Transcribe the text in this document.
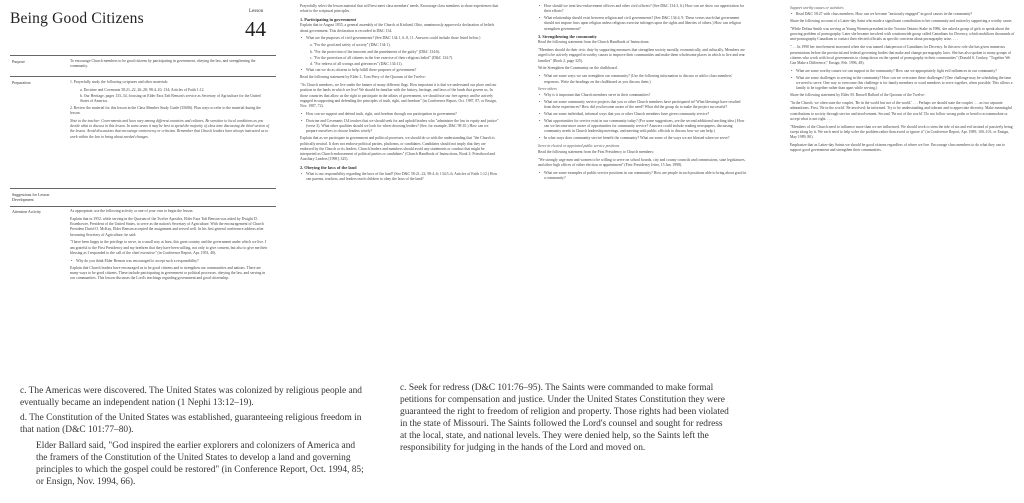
Being Good Citizens	Lesson
44
Purpose	To encourage Church members to be good citizens by participating in government, obeying the law, and strengthening the community.
Preparation	1. Prayerfully study the following scriptures and other materials:
a. Doctrine and Covenants 58:21–22, 26–28; 98:4–10; 134; Articles of Faith 1:12.
b. Our Heritage, pages 133–34, focusing on Elder Ezra Taft Benson's service as Secretary of Agriculture for the United States of America.
2. Review the material for this lesson in the Class Member Study Guide (35686). Plan ways to refer to the material during the lesson.
Note to the teacher: Governments and laws vary among different countries and cultures. Be sensitive to local conditions as you decide what to discuss in this lesson. In some areas it may be best to spend the majority of class time discussing the third section of the lesson. Avoid discussions that encourage controversy or criticism. Remember that Church leaders have always instructed us to work within the law to bring about needed changes.
Suggestions for Lesson Development
Attention Activity	As appropriate, use the following activity or one of your own to begin the lesson.
Explain that in 1952, while serving in the Quorum of the Twelve Apostles, Elder Ezra Taft Benson was asked by Dwight D. Eisenhower, President of the United States, to serve as the nation's Secretary of Agriculture. With the encouragement of Church President David O. McKay, Elder Benson accepted the assignment and served well. In his first general conference address after becoming Secretary of Agriculture, he said:
"I have been happy in the privilege to serve, in a small way at least, this great country and the government under which we live. I am grateful to the First Presidency and my brethren that they have been willing, not only to give consent, but also to give me their blessing as I responded to the call of the chief executive" (in Conference Report, Apr. 1953, 40).
• Why do you think Elder Benson was encouraged to accept such a responsibility?
Explain that Church leaders have encouraged us to be good citizens and to strengthen our communities and nations. There are many ways to be good citizens. These include participating in government or political processes, obeying the law, and serving in our communities. This lesson discusses the Lord's teachings regarding government and good citizenship.
Prayerfully select the lesson material that will best meet class members' needs. Encourage class members to share experiences that relate to the scriptural principles.
1. Participating in government
Explain that in August 1835, a general assembly of the Church at Kirtland, Ohio, unanimously approved a declaration of beliefs about government. This declaration is recorded in D&C 134.
• What are the purposes of civil governments? (See D&C 134:1, 6–8, 11. Answers could include those listed below.)
a. "For the good and safety of society" (D&C 134:1).
b. "For the protection of the innocent and the punishment of the guilty" (D&C 134:6).
c. "For the protection of all citizens in the free exercise of their religious belief" (D&C 134:7).
d. "For redress of all wrongs and grievances" (D&C 134:11).
• What can we do as citizens to help fulfill these purposes of government?
Read the following statement by Elder L. Tom Perry of the Quorum of the Twelve:
"As Church members, we live under the banner of many different flags. How important it is that we understand our place and our position in the lands in which we live! We should be familiar with the history, heritage, and laws of the lands that govern us. In those countries that allow us the right to participate in the affairs of government, we should use our free agency and be actively engaged in supporting and defending the principles of truth, right, and freedom" (in Conference Report, Oct. 1987, 87; or Ensign, Nov. 1987, 72).
• How can we support and defend truth, right, and freedom through our participation in government?
• Doctrine and Covenants 134 teaches that we should seek for and uphold leaders who "administer the law in equity and justice" (verse 3). What other qualities should we look for when choosing leaders? (See, for example, D&C 98:10.) How can we prepare ourselves to choose leaders wisely?
Explain that as we participate in government and political processes, we should do so with the understanding that "the Church is politically neutral. It does not endorse political parties, platforms, or candidates. Candidates should not imply that they are endorsed by the Church or its leaders. Church leaders and members should avoid any statements or conduct that might be interpreted as Church endorsement of political parties or candidates" (Church Handbook of Instructions, Book 2: Priesthood and Auxiliary Leaders [1998], 325).
2. Obeying the laws of the land
• What is our responsibility regarding the laws of the land? (See D&C 58:21–22; 98:4–6; 134:5–6; Articles of Faith 1:12.) How can parents, teachers, and leaders teach children to obey the laws of the land?
• How should we treat law-enforcement officers and other civil officers? (See D&C 134:3, 6.) How can we show our appreciation for their efforts?
• What relationship should exist between religion and civil governments? (See D&C 134:4, 9. These verses teach that government should not impose laws upon religion unless religious exercise infringes upon the rights and liberties of others.) How can religion strengthen government?
3. Strengthening the community
Read the following statement from the Church Handbook of Instructions:
"Members should do their civic duty by supporting measures that strengthen society morally, economically, and culturally. Members are urged to be actively engaged in worthy causes to improve their communities and make them wholesome places in which to live and rear families" (Book 2, page 325).
Write Strengthen the Community on the chalkboard.
• What are some ways we can strengthen our community? (Use the following information to discuss or add to class members' responses. Write the headings on the chalkboard as you discuss them.)
Serve others
• Why is it important that Church members serve in their communities?
• What are some community service projects that you or other Church members have participated in? What blessings have resulted from these experiences? How did you become aware of the need? What did the group do to make the project successful?
• What are some individual, informal ways that you or other Church members have given community service?
• What opportunities for service exist in our community today? (For some suggestions, see the second additional teaching idea.) How can we become more aware of opportunities for community service? Answers could include reading newspapers, discussing community needs in Church leadership meetings, and meeting with public officials to discuss how we can help.)
• In what ways does community service benefit the community? What are some of the ways we are blessed when we serve?
Serve in elected or appointed public service positions
Read the following statement from the First Presidency to Church members:
"We strongly urge men and women to be willing to serve on school boards, city and county councils and commissions, state legislatures, and other high offices of either election or appointment" (First Presidency letter, 15 Jan. 1998).
• What are some examples of public service positions in our community? How are people in such positions able to bring about good in a community?
Support worthy causes or activities
• Read D&C 58:27 with class members. How can we become "anxiously engaged" in good causes in the community?
Share the following account of a Latter-day Saint who made a significant contribution to her community and nation by supporting a worthy cause:
"While Dolina Smith was serving as Young Women president in the Toronto Ontario Stake in 1986, she asked a group of girls to speak about the growing problem of pornography. Later she became involved with a nationwide group called Canadians for Decency, which mobilizes thousands of anti-pornography Canadians to contact their elected officials as specific concerns about pornography arise. . . .
". . . In 1990 her involvement increased when she was named chairperson of Canadians for Decency. In this new role she has given numerous presentations before the provincial and federal governing bodies that make and change pornography laws. She has also spoken to many groups of citizens who work with local governments to clamp down on the spread of pornography in their communities" (Donald S. Conkey, "Together We Can Make a Difference," Ensign, Feb. 1996, 48).
• What are some worthy causes we can support in the community? How can we appropriately fight evil influences in our community?
• What are some challenges to serving in the community? How can we overcome these challenges? (One challenge may be scheduling the time we need to serve. One way to overcome this challenge is for family members or ward members to serve together, when possible. This allows a family to be together rather than apart while serving.)
Share the following statement by Elder M. Russell Ballard of the Quorum of the Twelve:
"In the Church, we often state the couplet, 'Be in the world but not of the world.' . . . Perhaps we should state the couplet . . . as two separate admonitions. First, 'Be in the world.' Be involved; be informed. Try to be understanding and tolerant and to appreciate diversity. Make meaningful contributions to society through service and involvement. Second, 'Be not of the world.' Do not follow wrong paths or bend to accommodate or accept what is not right. . . .
"Members of the Church need to influence more than we are influenced. We should work to stem the tide of sin and evil instead of passively being swept along by it. We each need to help solve the problem rather than avoid or ignore it" (in Conference Report, Apr. 1989, 100–101; or Ensign, May 1989, 80).
Emphasize that as Latter-day Saints we should be good citizens regardless of where we live. Encourage class members to do what they can to support good government and strengthen their communities.
c. The Americas were discovered. The United States was colonized by religious people and eventually became an independent nation (1 Nephi 13:12–19).
d. The Constitution of the United States was established, guaranteeing religious freedom in that nation (D&C 101:77–80).
Elder Ballard said, "God inspired the earlier explorers and colonizers of America and the framers of the Constitution of the United States to develop a land and governing principles to which the gospel could be restored" (in Conference Report, Oct. 1994, 85; or Ensign, Nov. 1994, 66).
c. Seek for redress (D&C 101:76–95). The Saints were commanded to make formal petitions for compensation and justice. Under the United States Constitution they were guaranteed the right to freedom of religion and property. Those rights had been violated in the state of Missouri. The Saints followed the Lord's counsel and sought for redress at the local, state, and national levels. They were denied help, so the Saints left the responsibility for judging in the hands of the Lord and moved on.
